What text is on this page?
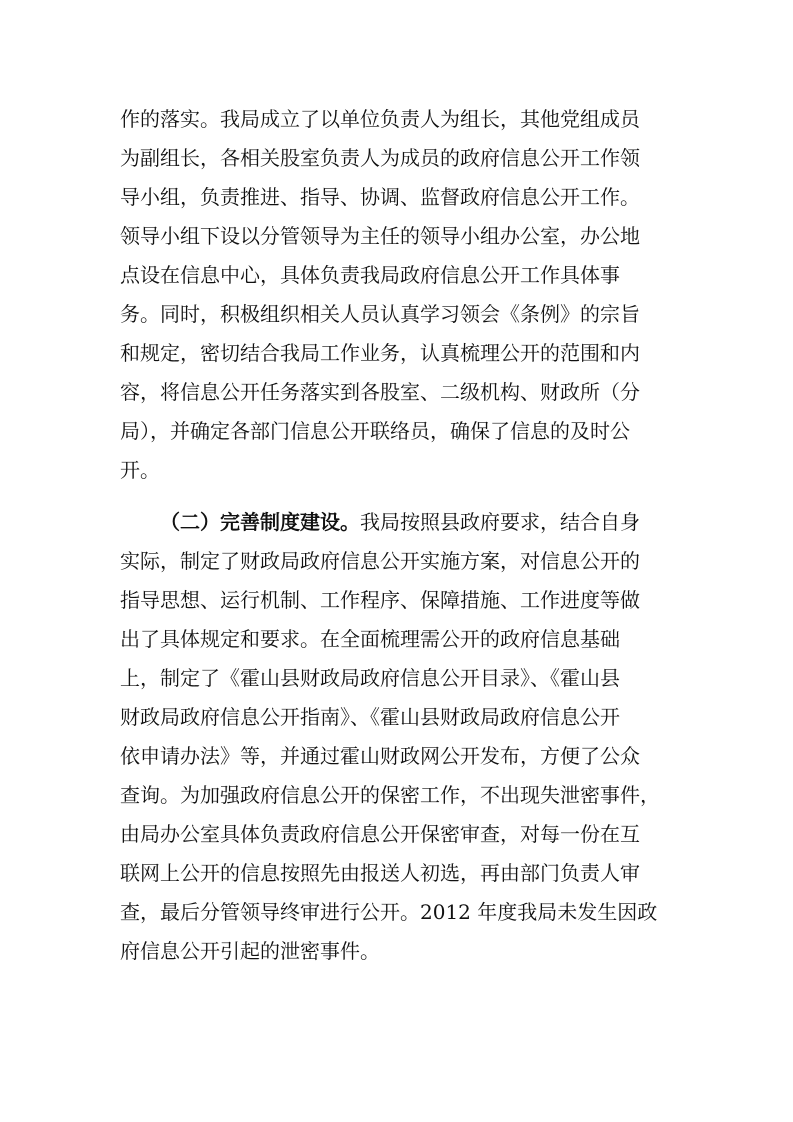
作的落实。我局成立了以单位负责人为组长，其他党组成员
为副组长，各相关股室负责人为成员的政府信息公开工作领
导小组，负责推进、指导、协调、监督政府信息公开工作。
领导小组下设以分管领导为主任的领导小组办公室，办公地
点设在信息中心，具体负责我局政府信息公开工作具体事
务。同时，积极组织相关人员认真学习领会《条例》的宗旨
和规定，密切结合我局工作业务，认真梳理公开的范围和内
容，将信息公开任务落实到各股室、二级机构、财政所（分
局），并确定各部门信息公开联络员，确保了信息的及时公
开。
（二）完善制度建设。我局按照县政府要求，结合自身
实际，制定了财政局政府信息公开实施方案，对信息公开的
指导思想、运行机制、工作程序、保障措施、工作进度等做
出了具体规定和要求。在全面梳理需公开的政府信息基础
上，制定了《霍山县财政局政府信息公开目录》、《霍山县
财政局政府信息公开指南》、《霍山县财政局政府信息公开
依申请办法》等，并通过霍山财政网公开发布，方便了公众
查询。为加强政府信息公开的保密工作，不出现失泄密事件，
由局办公室具体负责政府信息公开保密审查，对每一份在互
联网上公开的信息按照先由报送人初选，再由部门负责人审
查，最后分管领导终审进行公开。2012 年度我局未发生因政
府信息公开引起的泄密事件。
